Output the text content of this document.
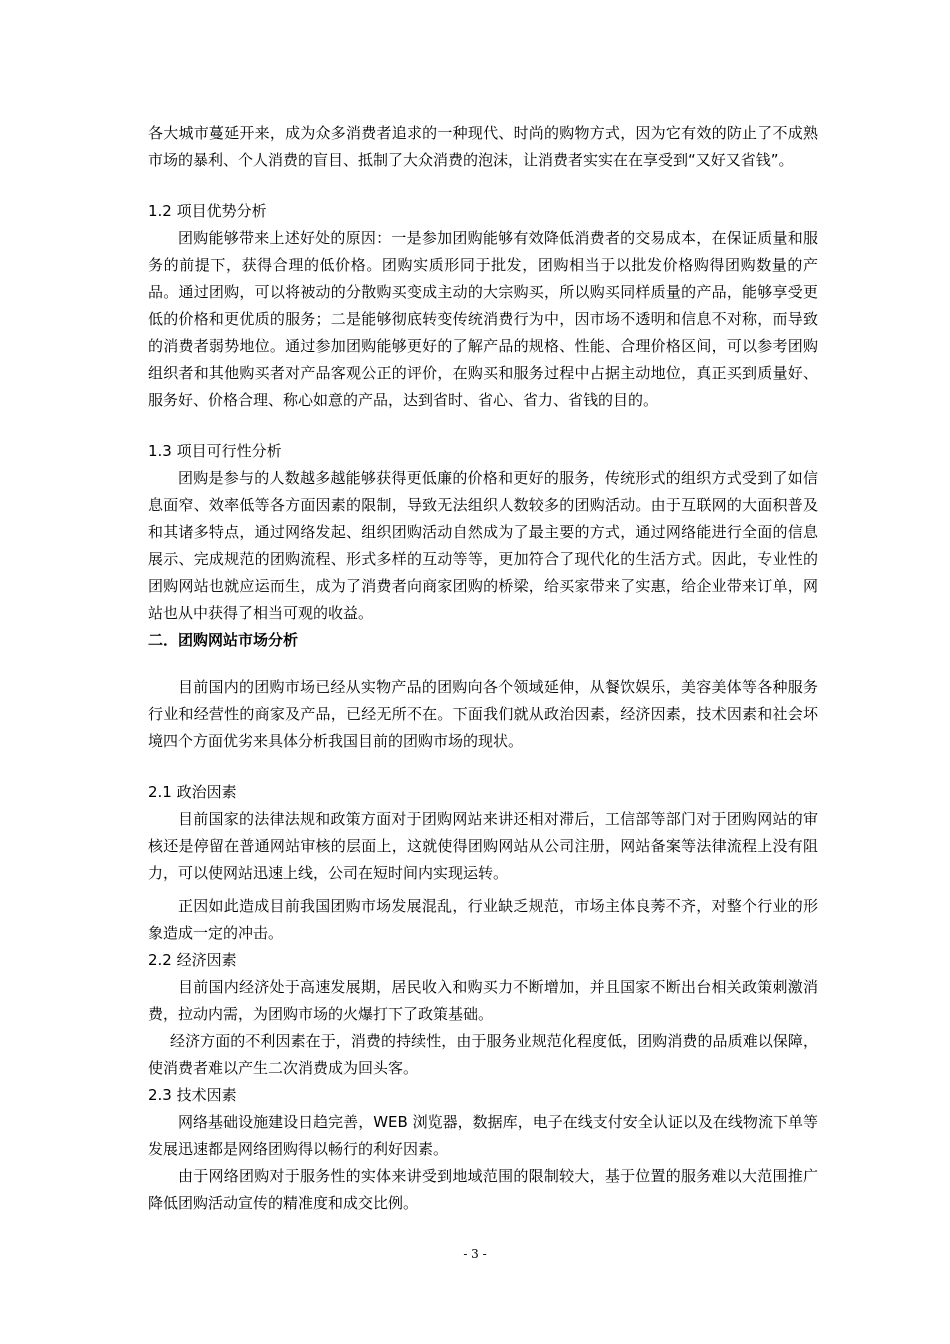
各大城市蔓延开来，成为众多消费者追求的一种现代、时尚的购物方式，因为它有效的防止了不成熟市场的暴利、个人消费的盲目、抵制了大众消费的泡沫，让消费者实实在在享受到“又好又省钱”。

1.2 项目优势分析

团购能够带来上述好处的原因：一是参加团购能够有效降低消费者的交易成本，在保证质量和服务的前提下，获得合理的低价格。团购实质形同于批发，团购相当于以批发价格购得团购数量的产品。通过团购，可以将被动的分散购买变成主动的大宗购买，所以购买同样质量的产品，能够享受更低的价格和更优质的服务；二是能够彻底转变传统消费行为中，因市场不透明和信息不对称，而导致的消费者弱势地位。通过参加团购能够更好的了解产品的规格、性能、合理价格区间，可以参考团购组织者和其他购买者对产品客观公正的评价，在购买和服务过程中占据主动地位，真正买到质量好、服务好、价格合理、称心如意的产品，达到省时、省心、省力、省钱的目的。

1.3 项目可行性分析

团购是参与的人数越多越能够获得更低廉的价格和更好的服务，传统形式的组织方式受到了如信息面窄、效率低等各方面因素的限制，导致无法组织人数较多的团购活动。由于互联网的大面积普及和其诸多特点，通过网络发起、组织团购活动自然成为了最主要的方式，通过网络能进行全面的信息展示、完成规范的团购流程、形式多样的互动等等，更加符合了现代化的生活方式。因此，专业性的团购网站也就应运而生，成为了消费者向商家团购的桥梁，给买家带来了实惠，给企业带来订单，网站也从中获得了相当可观的收益。

二．团购网站市场分析

目前国内的团购市场已经从实物产品的团购向各个领域延伸，从餐饮娱乐，美容美体等各种服务行业和经营性的商家及产品，已经无所不在。下面我们就从政治因素，经济因素，技术因素和社会坏境四个方面优劣来具体分析我国目前的团购市场的现状。

2.1 政治因素

目前国家的法律法规和政策方面对于团购网站来讲还相对滞后，工信部等部门对于团购网站的审核还是停留在普通网站审核的层面上，这就使得团购网站从公司注册，网站备案等法律流程上没有阻力，可以使网站迅速上线，公司在短时间内实现运转。

正因如此造成目前我国团购市场发展混乱，行业缺乏规范，市场主体良莠不齐，对整个行业的形象造成一定的冲击。

2.2 经济因素

目前国内经济处于高速发展期，居民收入和购买力不断增加，并且国家不断出台相关政策刺激消费，拉动内需，为团购市场的火爆打下了政策基础。

经济方面的不利因素在于，消费的持续性，由于服务业规范化程度低，团购消费的品质难以保障，使消费者难以产生二次消费成为回头客。

2.3 技术因素

网络基础设施建设日趋完善，WEB 浏览器，数据库，电子在线支付安全认证以及在线物流下单等发展迅速都是网络团购得以畅行的利好因素。

由于网络团购对于服务性的实体来讲受到地域范围的限制较大，基于位置的服务难以大范围推广降低团购活动宣传的精准度和成交比例。

- 3 -
